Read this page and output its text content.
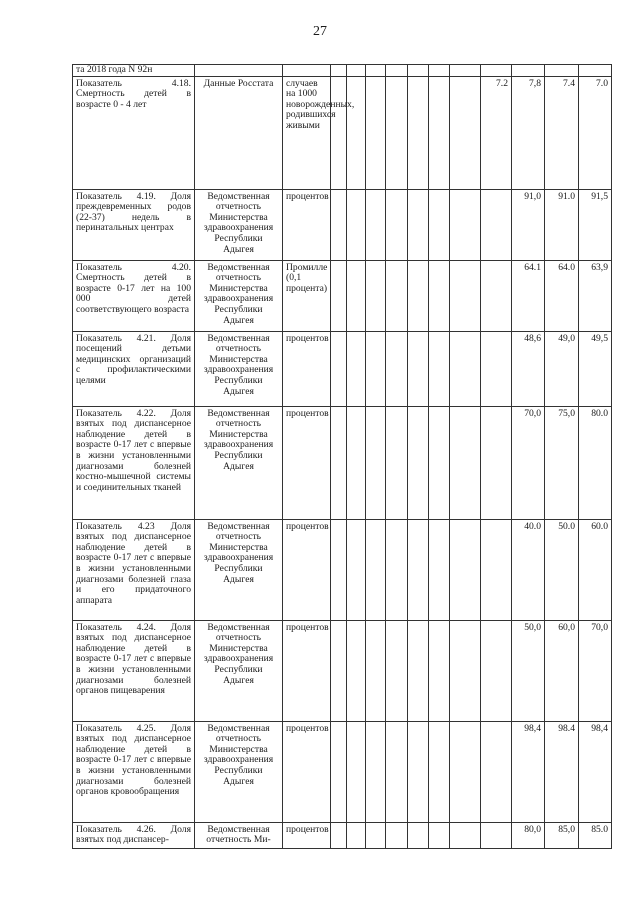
27
та 2018 года N 92н													
Показатель 4.18. Смертность детей в возрасте 0 - 4 лет	Данные Росстата	случаев на 1000 новорожденных, родившихся живыми								7.2	7,8	7.4	7.0
Показатель 4.19. Доля преждевременных родов (22-37) недель в перинатальных центрах	Ведомственная отчетность Министерства здравоохранения Республики Адыгея	процентов									91,0	91.0	91,5
Показатель 4.20. Смертность детей в возрасте 0-17 лет на 100 000 детей соответствующего возраста	Ведомственная отчетность Министерства здравоохранения Республики Адыгея	Промилле (0,1 процента)									64.1	64.0	63,9
Показатель 4.21. Доля посещений детьми медицинских организаций с профилактическими целями	Ведомственная отчетность Министерства здравоохранения Республики Адыгея	процентов									48,6	49,0	49,5
Показатель 4.22. Доля взятых под диспансерное наблюдение детей в возрасте 0-17 лет с впервые в жизни установленными диагнозами болезней костно-мышечной системы и соединительных тканей	Ведомственная отчетность Министерства здравоохранения Республики Адыгея	процентов									70,0	75,0	80.0
Показатель 4.23 Доля взятых под диспансерное наблюдение детей в возрасте 0-17 лет с впервые в жизни установленными диагнозами болезней глаза и его придаточного аппарата	Ведомственная отчетность Министерства здравоохранения Республики Адыгея	процентов									40.0	50.0	60.0
Показатель 4.24. Доля взятых под диспансерное наблюдение детей в возрасте 0-17 лет с впервые в жизни установленными диагнозами болезней органов пищеварения	Ведомственная отчетность Министерства здравоохранения Республики Адыгея	процентов									50,0	60,0	70,0
Показатель 4.25. Доля взятых под диспансерное наблюдение детей в возрасте 0-17 лет с впервые в жизни установленными диагнозами болезней органов кровообращения	Ведомственная отчетность Министерства здравоохранения Республики Адыгея	процентов									98,4	98.4	98,4
Показатель 4.26. Доля взятых под диспансер-	Ведомственная отчетность Ми-	процентов									80,0	85,0	85.0
